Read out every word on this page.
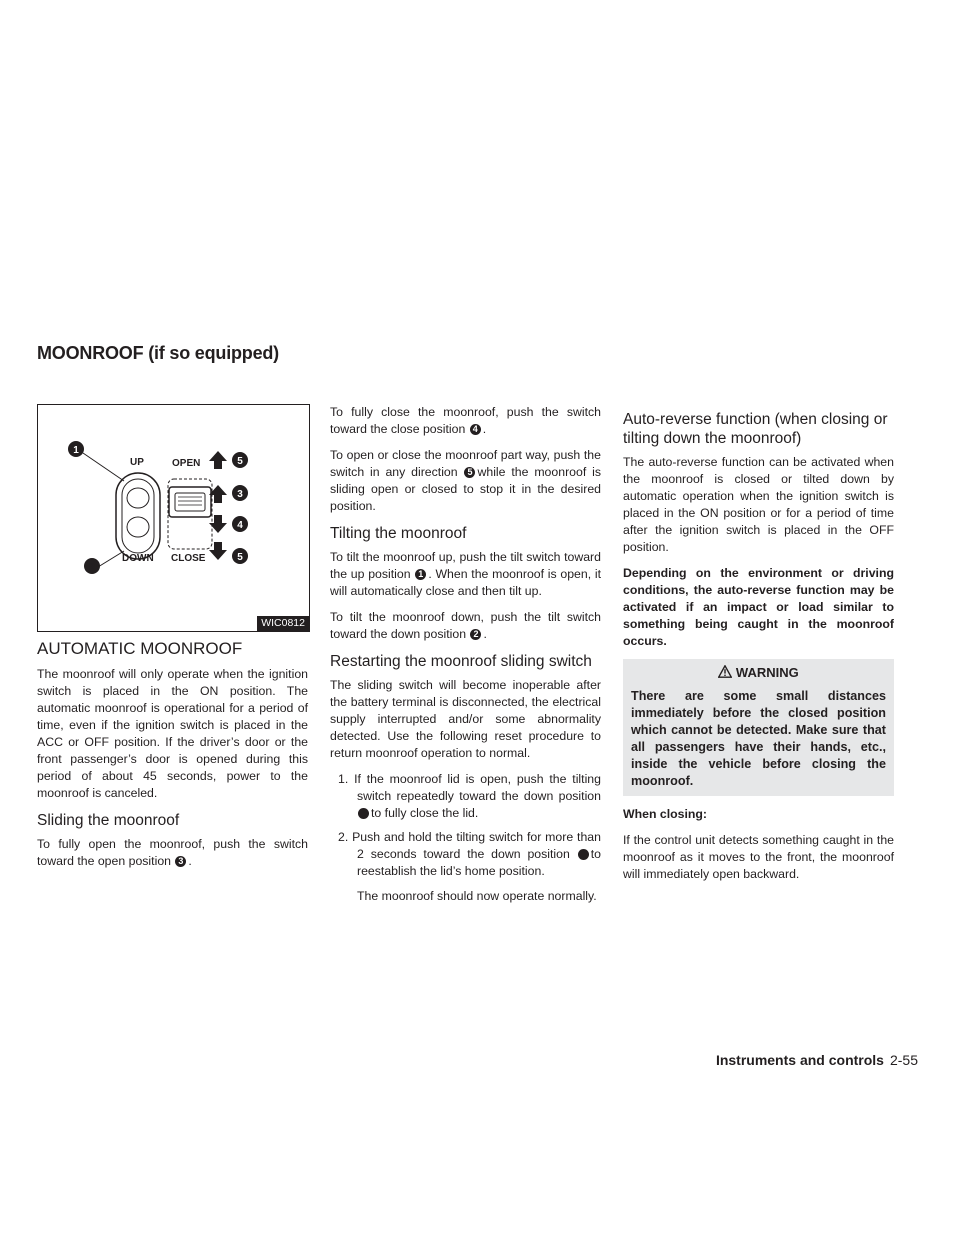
MOONROOF (if so equipped)
1
2
UP
DOWN
OPEN
CLOSE
5
3
4
5
WIC0812
AUTOMATIC MOONROOF

The moonroof will only operate when the ignition switch is placed in the ON position. The automatic moonroof is operational for a period of time, even if the ignition switch is placed in the ACC or OFF position. If the driver’s door or the front passenger’s door is opened during this period of about 45 seconds, power to the moonroof is canceled.

Sliding the moonroof

To fully open the moonroof, push the switch toward the open position 3 .

To fully close the moonroof, push the switch toward the close position 4 .

To open or close the moonroof part way, push the switch in any direction 5 while the moonroof is sliding open or closed to stop it in the desired position.

Tilting the moonroof

To tilt the moonroof up, push the tilt switch toward the up position 1 . When the moonroof is open, it will automatically close and then tilt up.

To tilt the moonroof down, push the tilt switch toward the down position 2 .

Restarting the moonroof sliding switch

The sliding switch will become inoperable after the battery terminal is disconnected, the electrical supply interrupted and/or some abnormality detected. Use the following reset procedure to return moonroof operation to normal.

1. If the moonroof lid is open, push the tilting switch repeatedly toward the down position 2 to fully close the lid.
2. Push and hold the tilting switch for more than 2 seconds toward the down position 2 to reestablish the lid’s home position.

The moonroof should now operate normally.

Auto-reverse function (when closing or tilting down the moonroof)

The auto-reverse function can be activated when the moonroof is closed or tilted down by automatic operation when the ignition switch is placed in the ON position or for a period of time after the ignition switch is placed in the OFF position.

Depending on the environment or driving conditions, the auto-reverse function may be activated if an impact or load similar to something being caught in the moonroof occurs.

WARNING
There are some small distances immediately before the closed position which cannot be detected. Make sure that all passengers have their hands, etc., inside the vehicle before closing the moonroof.

When closing:

If the control unit detects something caught in the moonroof as it moves to the front, the moonroof will immediately open backward.

Instruments and controls 2-55
